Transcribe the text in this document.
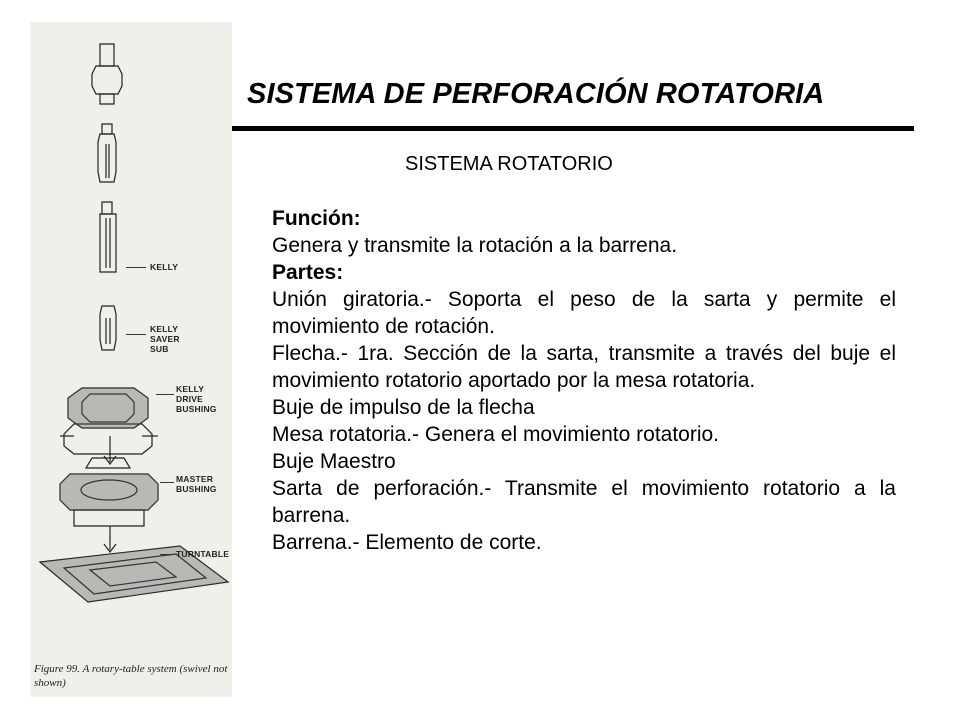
KELLY
KELLY
SAVER
SUB
KELLY
DRIVE
BUSHING
MASTER
BUSHING
TURNTABLE
Figure 99. A rotary-table system (swivel not shown)
SISTEMA DE PERFORACIÓN ROTATORIA
SISTEMA ROTATORIO

Función:

Genera y transmite la rotación a la barrena.

Partes:

Unión giratoria.- Soporta el peso de la sarta y permite el movimiento de rotación.

Flecha.- 1ra. Sección de la sarta, transmite a través del buje el movimiento rotatorio aportado por la mesa rotatoria.

Buje de impulso de la flecha

Mesa rotatoria.- Genera el movimiento rotatorio.

Buje Maestro

Sarta de perforación.- Transmite el movimiento rotatorio a la barrena.

Barrena.- Elemento de corte.
